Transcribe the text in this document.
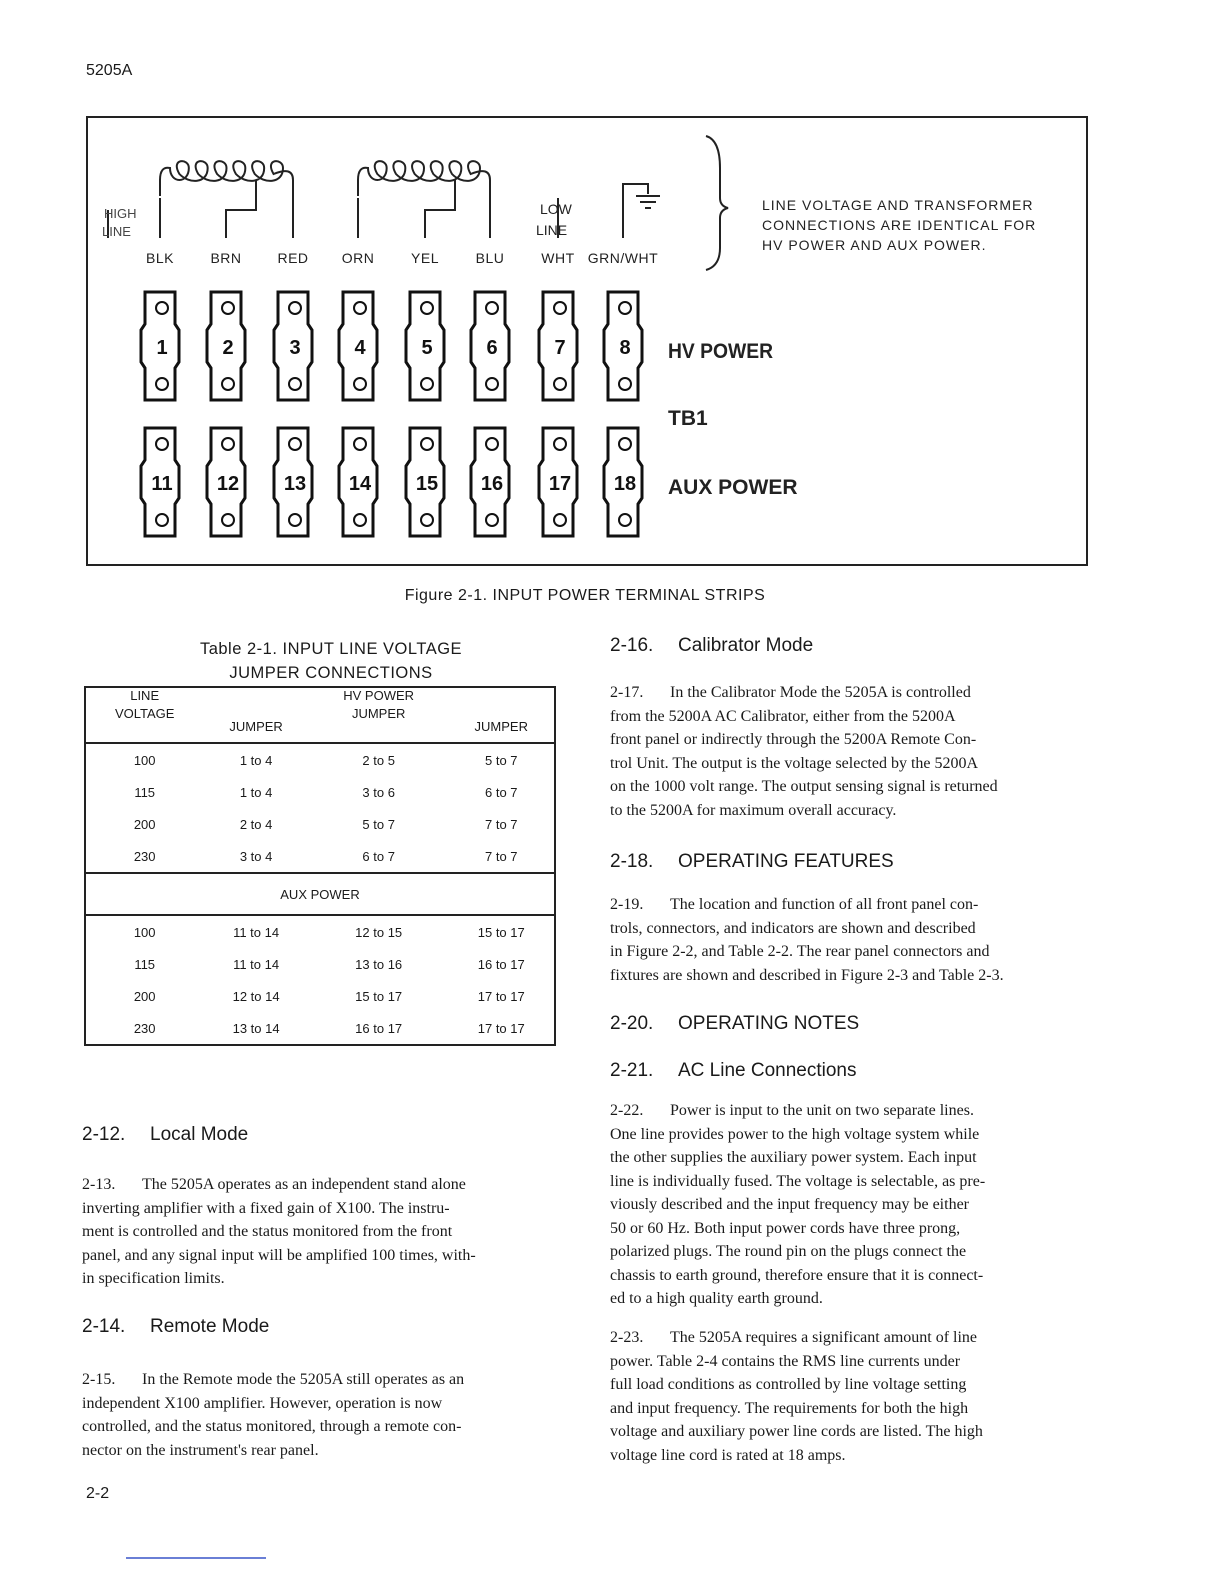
5205A
HIGH
LINE
LOW
LINE
BLK	BRN	RED ORN	YEL	BLU	WHT GRN/WHT
LINE VOLTAGE AND TRANSFORMER
CONNECTIONS ARE IDENTICAL FOR
HV POWER AND AUX POWER.
HV POWER
TB1
AUX POWER
1	2	3	4	5	6	7	8
11 12 13 14 15 16 17 18
Figure 2-1. INPUT POWER TERMINAL STRIPS
Table 2-1. INPUT LINE VOLTAGE
JUMPER CONNECTIONS
LINE		HV POWER	
VOLTAGE	JUMPER	JUMPER	JUMPER

100	1 to 4	2 to 5	5 to 7
115	1 to 4	3 to 6	6 to 7
200	2 to 4	5 to 7	7 to 7
230	3 to 4	6 to 7	7 to 7

AUX POWER			
100	11 to 14	12 to 15	15 to 17
115	11 to 14	13 to 16	16 to 17
200	12 to 14	15 to 17	17 to 17
230	13 to 14	16 to 17	17 to 17
2-12. Local Mode
2-13. The 5205A operates as an independent stand alone
inverting amplifier with a fixed gain of X100. The instru-
ment is controlled and the status monitored from the front
panel, and any signal input will be amplified 100 times, with-
in specification limits.
2-14. Remote Mode
2-15. In the Remote mode the 5205A still operates as an
independent X100 amplifier. However, operation is now
controlled, and the status monitored, through a remote con-
nector on the instrument's rear panel.
2-16. Calibrator Mode
2-17. In the Calibrator Mode the 5205A is controlled
from the 5200A AC Calibrator, either from the 5200A
front panel or indirectly through the 5200A Remote Con-
trol Unit. The output is the voltage selected by the 5200A
on the 1000 volt range. The output sensing signal is returned
to the 5200A for maximum overall accuracy.
2-18. OPERATING FEATURES
2-19. The location and function of all front panel con-
trols, connectors, and indicators are shown and described
in Figure 2-2, and Table 2-2. The rear panel connectors and
fixtures are shown and described in Figure 2-3 and Table 2-3.
2-20. OPERATING NOTES
2-21. AC Line Connections
2-22. Power is input to the unit on two separate lines.
One line provides power to the high voltage system while
the other supplies the auxiliary power system. Each input
line is individually fused. The voltage is selectable, as pre-
viously described and the input frequency may be either
50 or 60 Hz. Both input power cords have three prong,
polarized plugs. The round pin on the plugs connect the
chassis to earth ground, therefore ensure that it is connect-
ed to a high quality earth ground.
2-23. The 5205A requires a significant amount of line
power. Table 2-4 contains the RMS line currents under
full load conditions as controlled by line voltage setting
and input frequency. The requirements for both the high
voltage and auxiliary power line cords are listed. The high
voltage line cord is rated at 18 amps.
2-2
